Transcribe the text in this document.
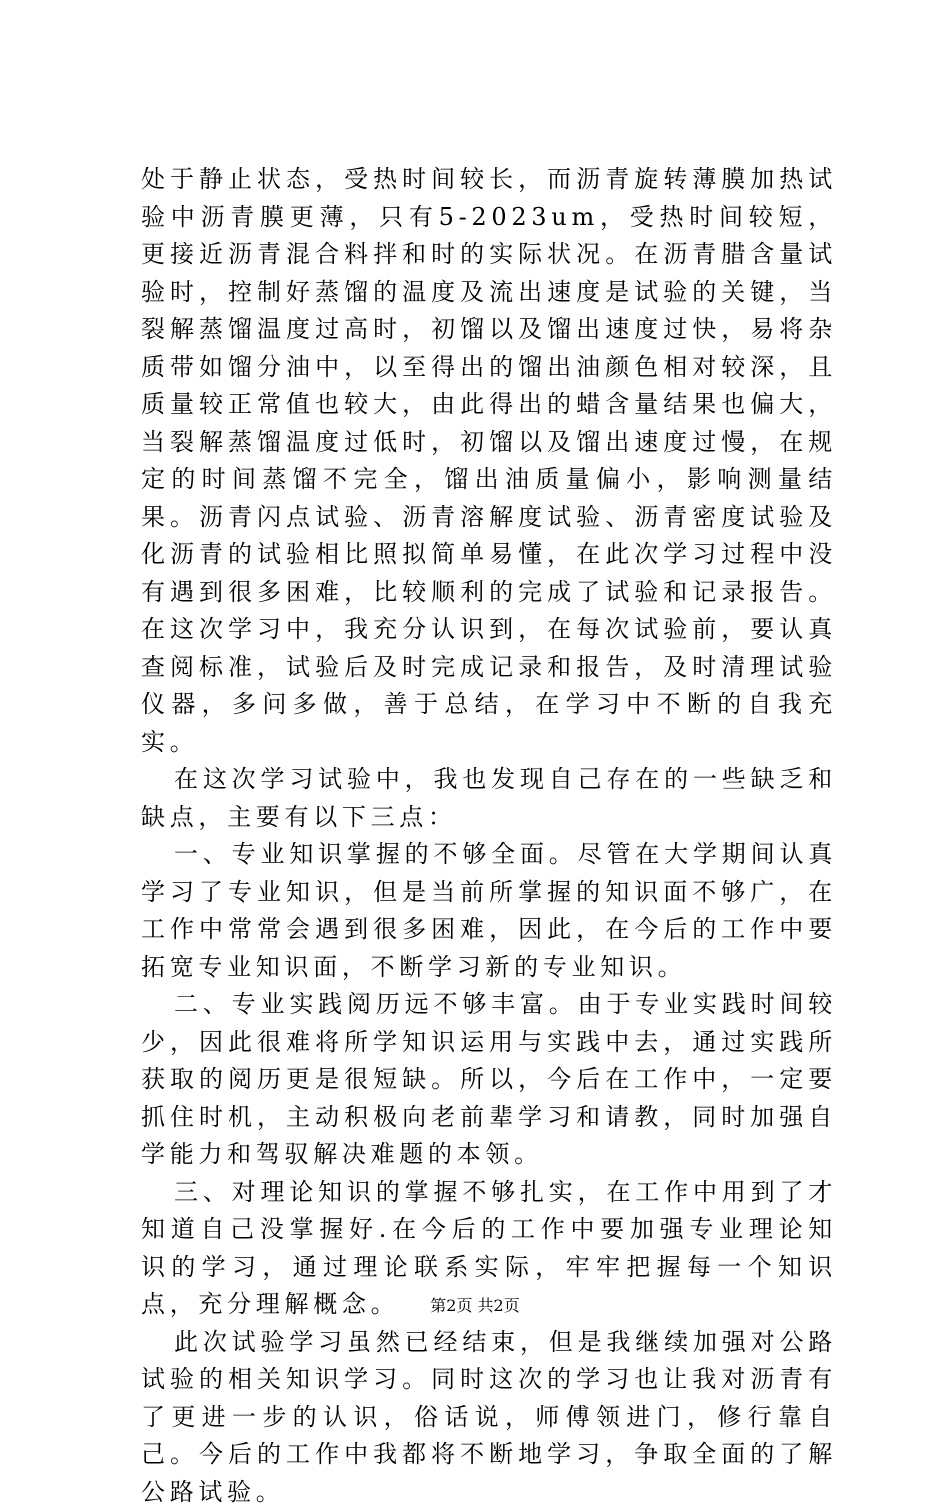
处于静止状态，受热时间较长，而沥青旋转薄膜加热试验中沥青膜更薄，只有5-2023um，受热时间较短，更接近沥青混合料拌和时的实际状况。在沥青腊含量试验时，控制好蒸馏的温度及流出速度是试验的关键，当裂解蒸馏温度过高时，初馏以及馏出速度过快，易将杂质带如馏分油中，以至得出的馏出油颜色相对较深，且质量较正常值也较大，由此得出的蜡含量结果也偏大，当裂解蒸馏温度过低时，初馏以及馏出速度过慢，在规定的时间蒸馏不完全，馏出油质量偏小，影响测量结果。沥青闪点试验、沥青溶解度试验、沥青密度试验及化沥青的试验相比照拟简单易懂，在此次学习过程中没有遇到很多困难，比较顺利的完成了试验和记录报告。在这次学习中，我充分认识到，在每次试验前，要认真查阅标准，试验后及时完成记录和报告，及时清理试验仪器，多问多做，善于总结，在学习中不断的自我充实。

在这次学习试验中，我也发现自己存在的一些缺乏和缺点，主要有以下三点：

一、专业知识掌握的不够全面。尽管在大学期间认真学习了专业知识，但是当前所掌握的知识面不够广，在工作中常常会遇到很多困难，因此，在今后的工作中要拓宽专业知识面，不断学习新的专业知识。

二、专业实践阅历远不够丰富。由于专业实践时间较少，因此很难将所学知识运用与实践中去，通过实践所获取的阅历更是很短缺。所以，今后在工作中，一定要抓住时机，主动积极向老前辈学习和请教，同时加强自学能力和驾驭解决难题的本领。

三、对理论知识的掌握不够扎实，在工作中用到了才知道自己没掌握好.在今后的工作中要加强专业理论知识的学习，通过理论联系实际，牢牢把握每一个知识点，充分理解概念。

此次试验学习虽然已经结束，但是我继续加强对公路试验的相关知识学习。同时这次的学习也让我对沥青有了更进一步的认识，俗话说，师傅领进门，修行靠自己。今后的工作中我都将不断地学习，争取全面的了解公路试验。

第2页 共2页
